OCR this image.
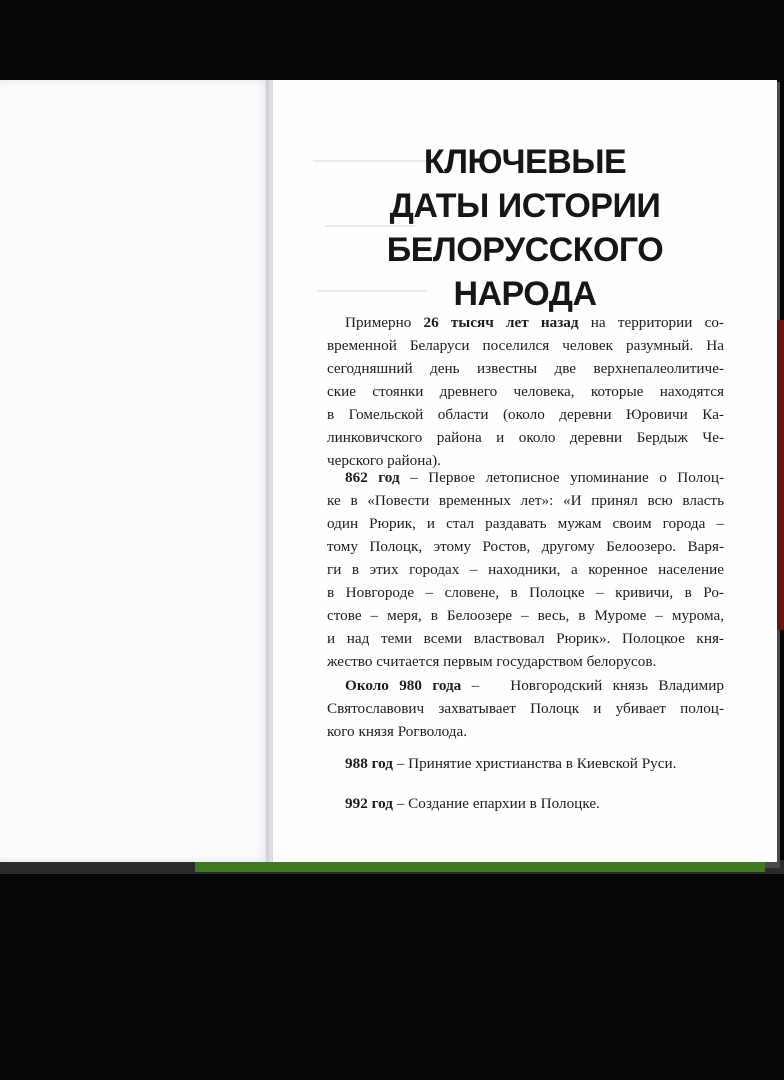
КЛЮЧЕВЫЕ
ДАТЫ ИСТОРИИ
БЕЛОРУССКОГО
НАРОДА
Примерно 26 тысяч лет назад на территории со-
временной Беларуси поселился человек разумный. На
сегодняшний день известны две верхнепалеолитиче-
ские стоянки древнего человека, которые находятся
в Гомельской области (около деревни Юровичи Ка-
линковичского района и около деревни Бердыж Че-
черского района).
862 год – Первое летописное упоминание о Полоц-
ке в «Повести временных лет»: «И принял всю власть
один Рюрик, и стал раздавать мужам своим города –
тому Полоцк, этому Ростов, другому Белоозеро. Варя-
ги в этих городах – находники, а коренное население
в Новгороде – словене, в Полоцке – кривичи, в Ро-
стове – меря, в Белоозере – весь, в Муроме – мурома,
и над теми всеми властвовал Рюрик». Полоцкое кня-
жество считается первым государством белорусов.
Около 980 года –   Новгородский князь Владимир
Святославович захватывает Полоцк и убивает полоц-
кого князя Рогволода.
988 год – Принятие христианства в Киевской Руси.
992 год – Создание епархии в Полоцке.
